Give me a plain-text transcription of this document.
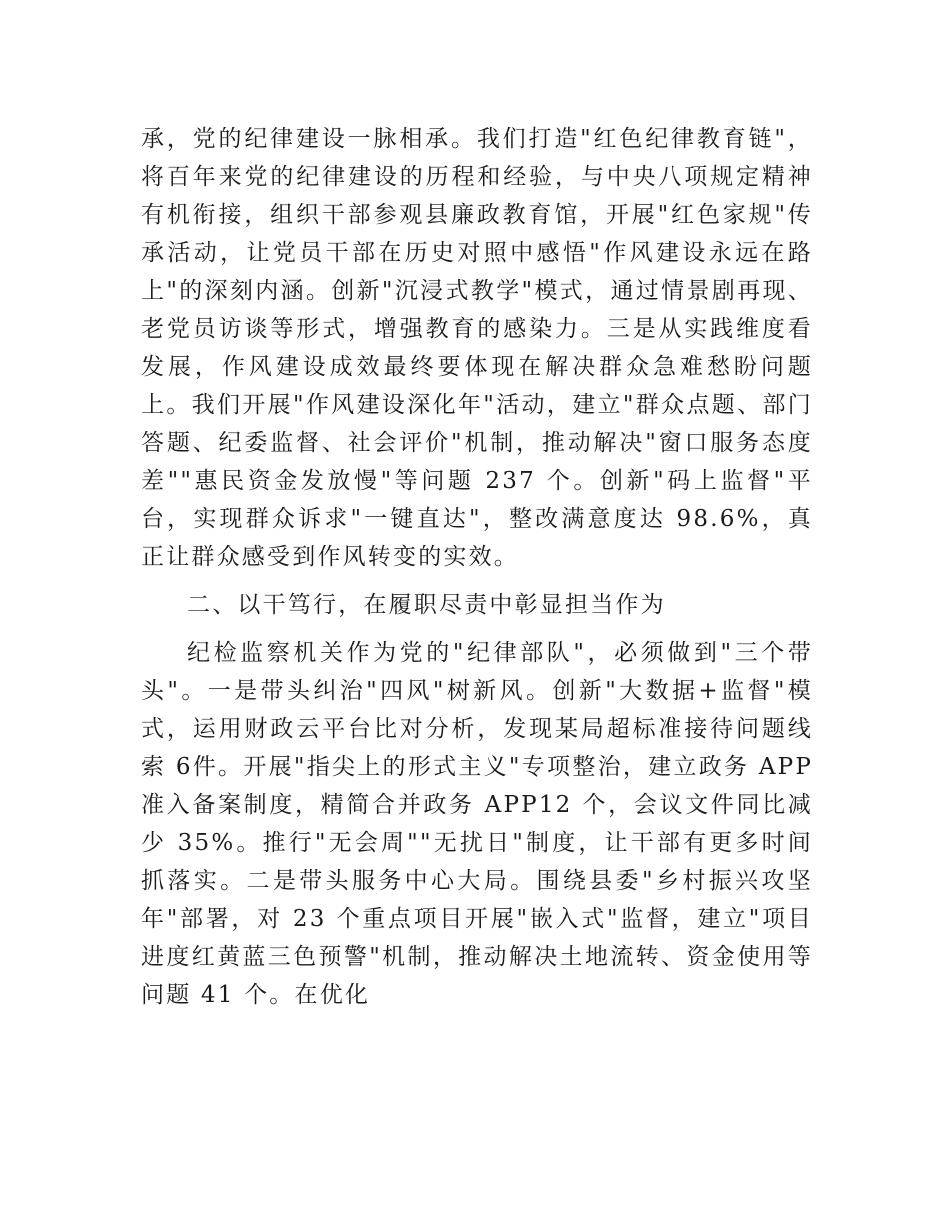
承，党的纪律建设一脉相承。我们打造"红色纪律教育链"，将百年来党的纪律建设的历程和经验，与中央八项规定精神有机衔接，组织干部参观县廉政教育馆，开展"红色家规"传承活动，让党员干部在历史对照中感悟"作风建设永远在路上"的深刻内涵。创新"沉浸式教学"模式，通过情景剧再现、老党员访谈等形式，增强教育的感染力。三是从实践维度看发展，作风建设成效最终要体现在解决群众急难愁盼问题上。我们开展"作风建设深化年"活动，建立"群众点题、部门答题、纪委监督、社会评价"机制，推动解决"窗口服务态度差""惠民资金发放慢"等问题 237 个。创新"码上监督"平台，实现群众诉求"一键直达"，整改满意度达 98.6%，真正让群众感受到作风转变的实效。

二、以干笃行，在履职尽责中彰显担当作为

纪检监察机关作为党的"纪律部队"，必须做到"三个带头"。一是带头纠治"四风"树新风。创新"大数据+监督"模式，运用财政云平台比对分析，发现某局超标准接待问题线索 6件。开展"指尖上的形式主义"专项整治，建立政务 APP 准入备案制度，精简合并政务 APP12 个，会议文件同比减少 35%。推行"无会周""无扰日"制度，让干部有更多时间抓落实。二是带头服务中心大局。围绕县委"乡村振兴攻坚年"部署，对 23 个重点项目开展"嵌入式"监督，建立"项目进度红黄蓝三色预警"机制，推动解决土地流转、资金使用等问题 41 个。在优化
